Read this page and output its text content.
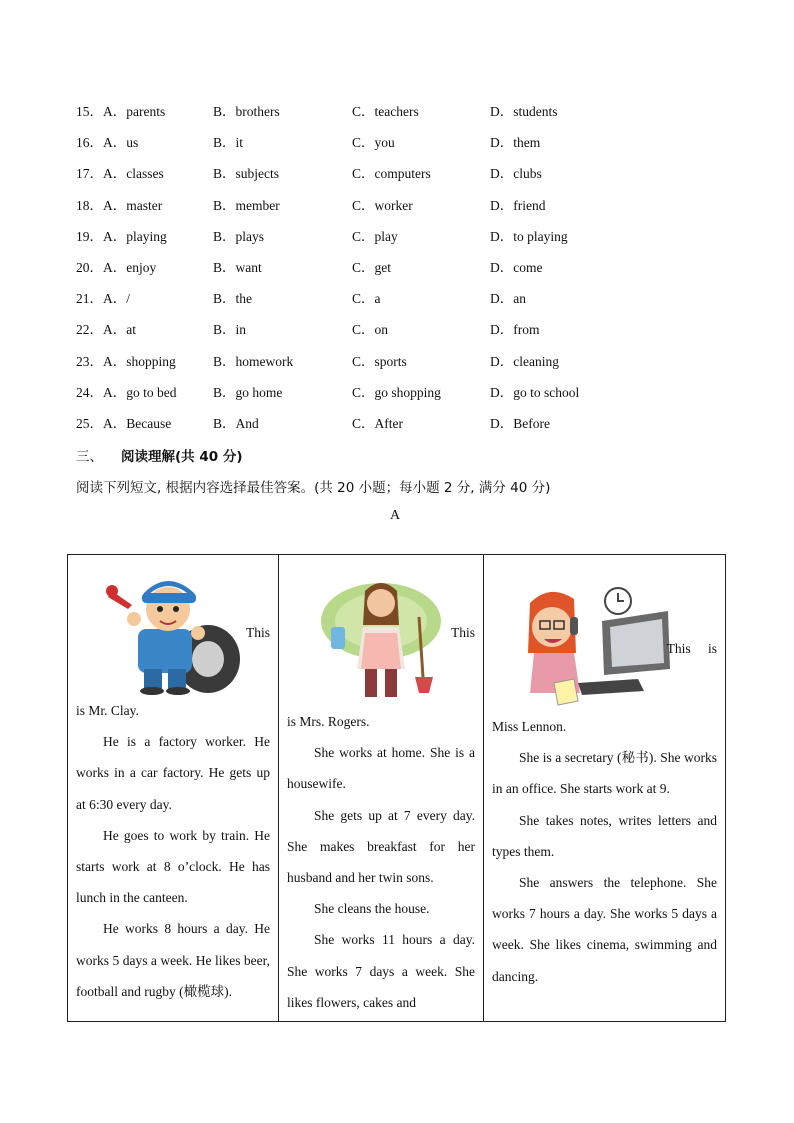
15．A．parents	B．brothers	C．teachers	D．students
16．A．us	B．it	C．you	D．them
17．A．classes	B．subjects	C．computers	D．clubs
18．A．master	B．member	C．worker	D．friend
19．A．playing	B．plays	C．play	D．to playing
20．A．enjoy	B．want	C．get	D．come
21．A．/	B．the	C．a	D．an
22．A．at	B．in	C．on	D．from
23．A．shopping	B．homework	C．sports	D．cleaning
24．A．go to bed	B．go home	C．go shopping	D．go to school
25．A．Because	B．And	C．After	D．Before
三、 阅读理解(共 40 分)
阅读下列短文, 根据内容选择最佳答案。(共 20 小题；每小题 2 分, 满分 40 分)
A
This

is Mr. Clay.

He is a factory worker. He works in a car factory. He gets up at 6:30 every day.

He goes to work by train. He starts work at 8 o’clock. He has lunch in the canteen.

He works 8 hours a day. He works 5 days a week. He likes beer, football and rugby (橄榄球).

This

is Mrs. Rogers.

She works at home. She is a housewife.

She gets up at 7 every day. She makes breakfast for her husband and her twin sons.

She cleans the house.

She works 11 hours a day. She works 7 days a week. She likes flowers, cakes and

This is

Miss Lennon.

She is a secretary (秘书). She works in an office. She starts work at 9.

She takes notes, writes letters and types them.

She answers the telephone. She works 7 hours a day. She works 5 days a week. She likes cinema, swimming and dancing.
